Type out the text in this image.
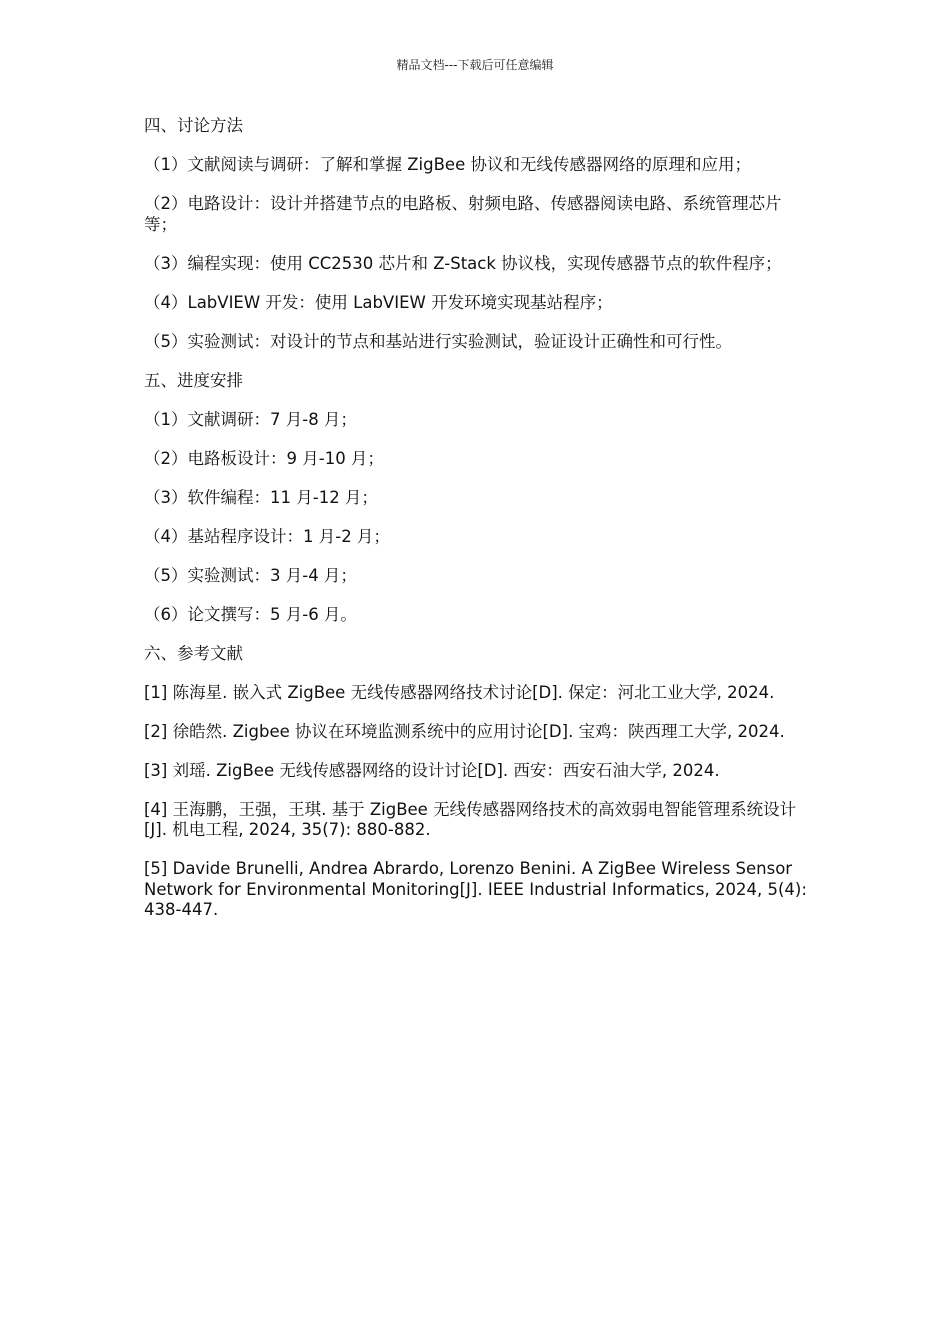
精品文档---下载后可任意编辑

四、讨论方法

（1）文献阅读与调研：了解和掌握 ZigBee 协议和无线传感器网络的原理和应用；

（2）电路设计：设计并搭建节点的电路板、射频电路、传感器阅读电路、系统管理芯片等；

（3）编程实现：使用 CC2530 芯片和 Z-Stack 协议栈，实现传感器节点的软件程序；

（4）LabVIEW 开发：使用 LabVIEW 开发环境实现基站程序；

（5）实验测试：对设计的节点和基站进行实验测试，验证设计正确性和可行性。

五、进度安排

（1）文献调研：7 月-8 月；

（2）电路板设计：9 月-10 月；

（3）软件编程：11 月-12 月；

（4）基站程序设计：1 月-2 月；

（5）实验测试：3 月-4 月；

（6）论文撰写：5 月-6 月。

六、参考文献

[1] 陈海星. 嵌入式 ZigBee 无线传感器网络技术讨论[D]. 保定：河北工业大学, 2024.

[2] 徐皓然. Zigbee 协议在环境监测系统中的应用讨论[D]. 宝鸡：陕西理工大学, 2024.

[3] 刘瑶. ZigBee 无线传感器网络的设计讨论[D]. 西安：西安石油大学, 2024.

[4] 王海鹏，王强，王琪. 基于 ZigBee 无线传感器网络技术的高效弱电智能管理系统设计[J]. 机电工程, 2024, 35(7): 880-882.

[5] Davide Brunelli, Andrea Abrardo, Lorenzo Benini. A ZigBee Wireless Sensor Network for Environmental Monitoring[J]. IEEE Industrial Informatics, 2024, 5(4): 438-447.
